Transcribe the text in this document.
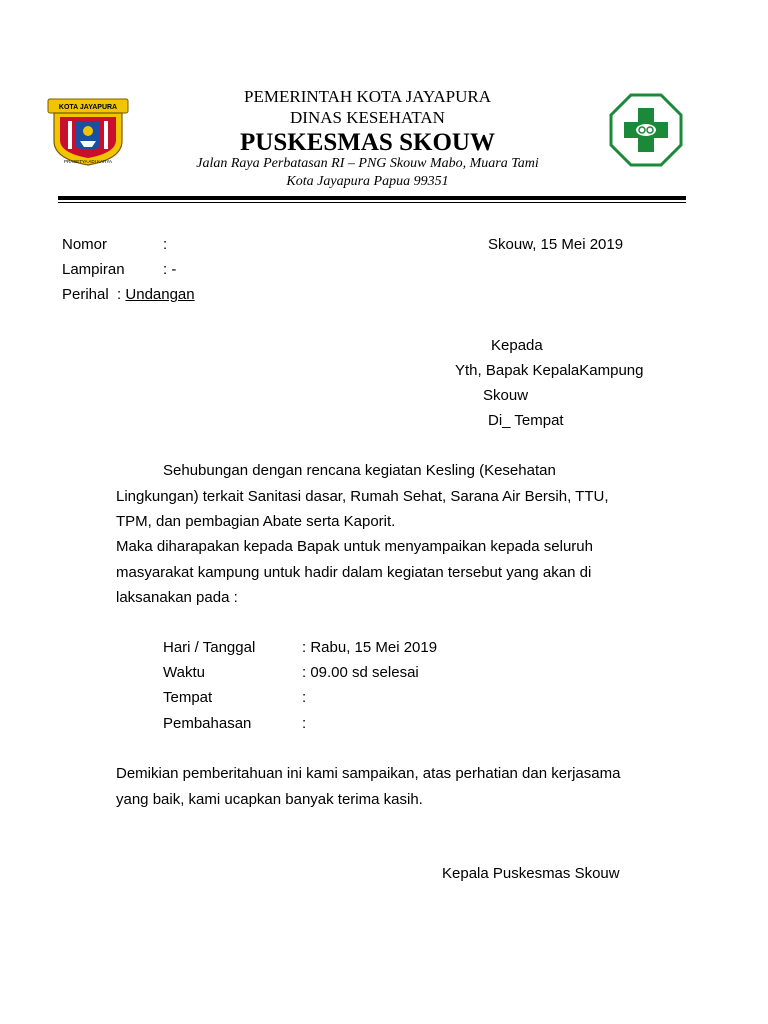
KOTA JAYAPURA
PRASETYA ADI KARYA
PEMERINTAH KOTA JAYAPURA
DINAS KESEHATAN
PUSKESMAS SKOUW
Jalan Raya Perbatasan RI – PNG Skouw Mabo, Muara Tami
Kota Jayapura Papua 99351
Nomor	:	Skouw, 15 Mei 2019
Lampiran	: -
Perihal : Undangan
Kepada
Yth, Bapak KepalaKampung
Skouw
Di_ Tempat
Sehubungan dengan rencana kegiatan Kesling (Kesehatan
Lingkungan) terkait Sanitasi dasar, Rumah Sehat, Sarana Air Bersih, TTU,
TPM, dan pembagian Abate serta Kaporit.
Maka diharapakan kepada Bapak untuk menyampaikan kepada seluruh
masyarakat kampung untuk hadir dalam kegiatan tersebut yang akan di
laksanakan pada :
Hari / Tanggal	: Rabu, 15 Mei 2019
Waktu	: 09.00 sd selesai
Tempat	:
Pembahasan	:
Demikian pemberitahuan ini kami sampaikan, atas perhatian dan kerjasama
yang baik, kami ucapkan banyak terima kasih.
Kepala Puskesmas Skouw
